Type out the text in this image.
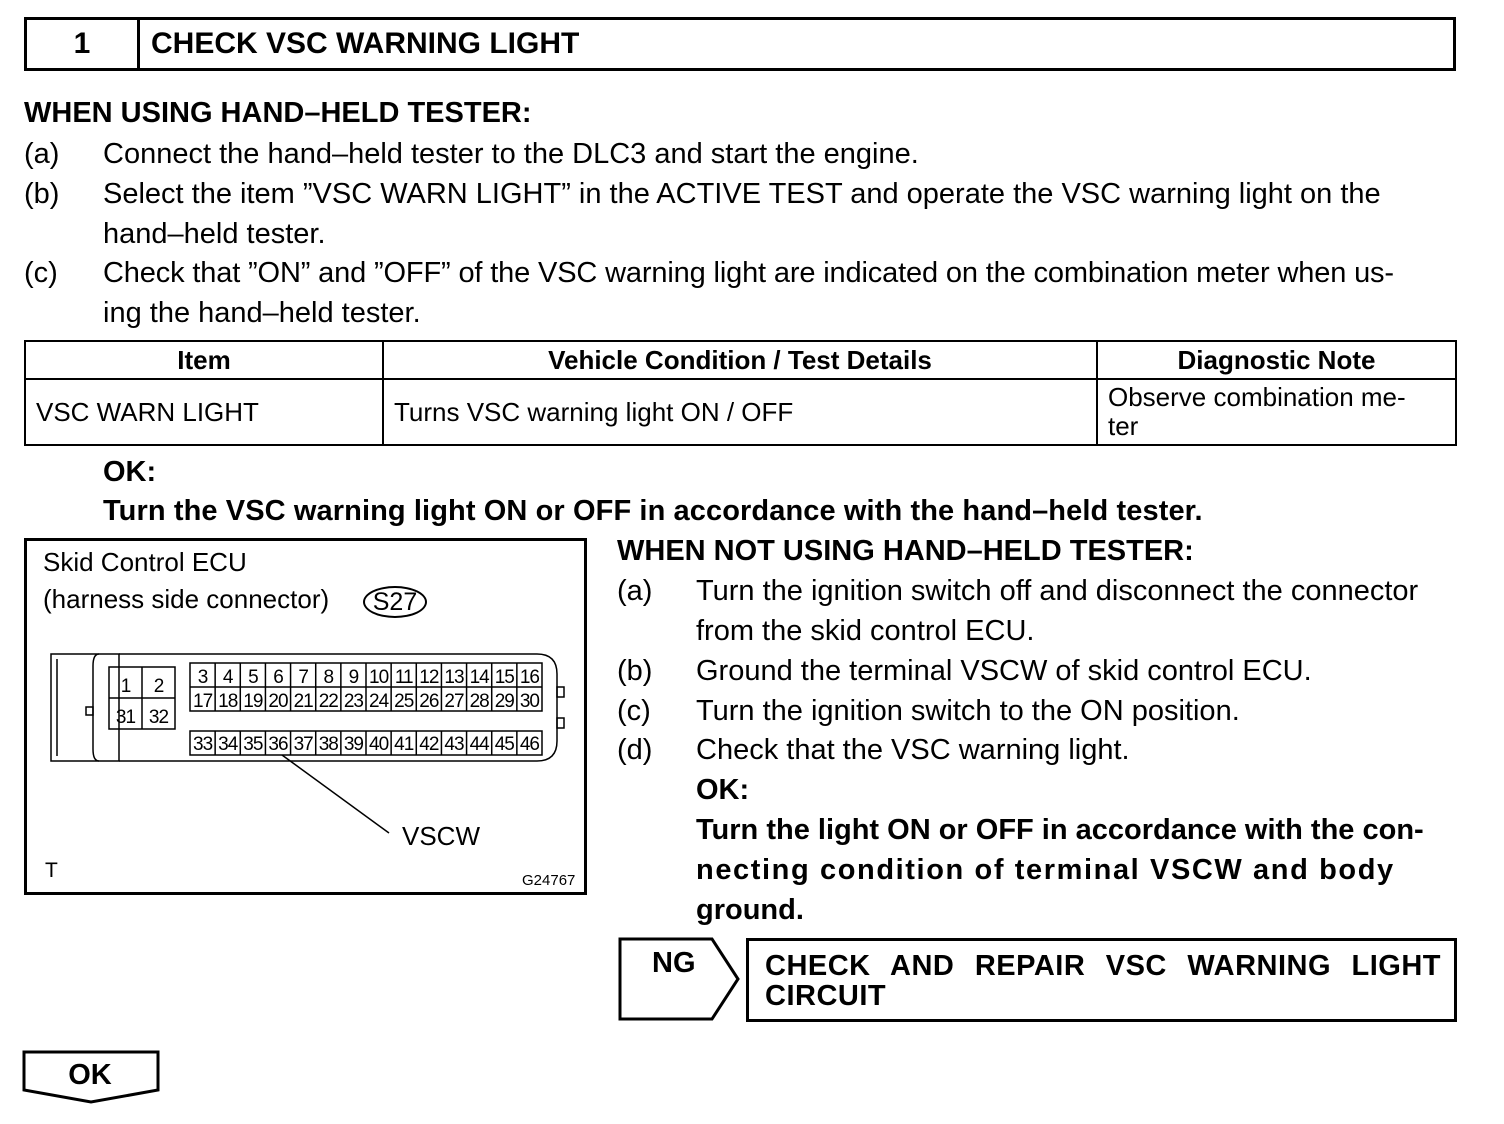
1	CHECK VSC WARNING LIGHT
WHEN USING HAND–HELD TESTER:
(a) Connect the hand–held tester to the DLC3 and start the engine.
(b) Select the item ”VSC WARN LIGHT” in the ACTIVE TEST and operate the VSC warning light on the
hand–held tester.
(c) Check that ”ON” and ”OFF” of the VSC warning light are indicated on the combination meter when us-
ing the hand–held tester.
Item	Vehicle Condition / Test Details	Diagnostic Note
VSC WARN LIGHT	Turns VSC warning light ON / OFF	Observe combination me-
ter
OK:
Turn the VSC warning light ON or OFF in accordance with the hand–held tester.
Skid Control ECU
(harness side connector)	S27
3 4 5 6 7 8 9 10 11 12 13 14 15 16
17 18 19 20 21 22 23 24 25 26 27 28 29 30
33 34 35 36 37 38 39 40 41 42 43 44 45 46
1 2
31 32
VSCW
T	G24767
WHEN NOT USING HAND–HELD TESTER:
(a) Turn the ignition switch off and disconnect the connector
from the skid control ECU.
(b) Ground the terminal VSCW of skid control ECU.
(c) Turn the ignition switch to the ON position.
(d) Check that the VSC warning light.
OK:
Turn the light ON or OFF in accordance with the con-
necting condition of terminal VSCW and body
ground.
NG CHECK AND REPAIR VSC WARNING LIGHT
CIRCUIT
OK
